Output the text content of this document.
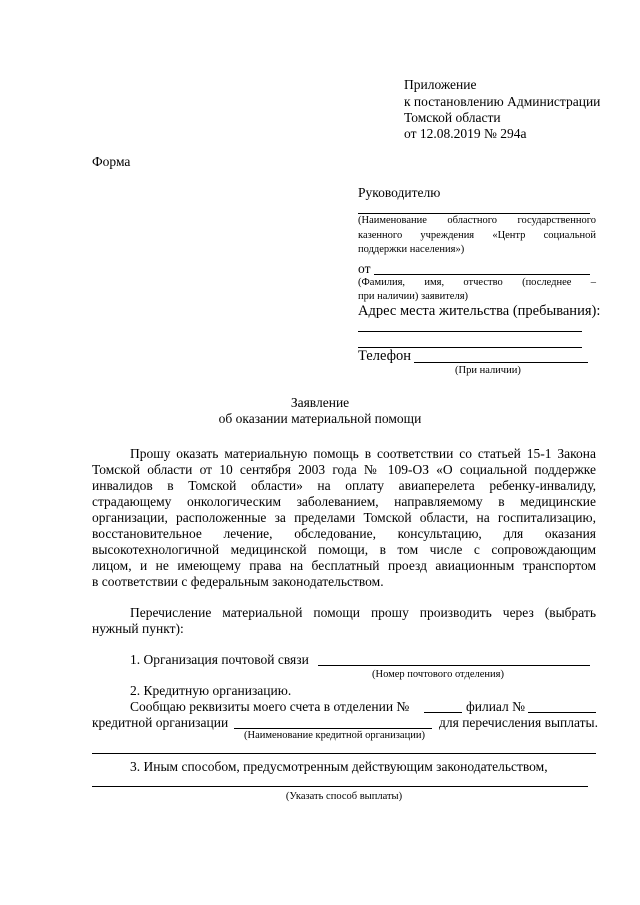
Приложение
к постановлению Администрации
Томской области
от 12.08.2019 № 294а
Форма
Руководителю
(Наименование областного государственного
казенного учреждения «Центр социальной
поддержки населения»)
от
(Фамилия, имя, отчество (последнее –
при наличии) заявителя)
Адрес места жительства (пребывания):
Телефон
(При наличии)
Заявление
об оказании материальной помощи
Прошу оказать материальную помощь в соответствии со статьей 15-1 Закона
Томской области от 10 сентября 2003 года № 109-ОЗ «О социальной поддержке
инвалидов в Томской области» на оплату авиаперелета ребенку-инвалиду,
страдающему онкологическим заболеванием, направляемому в медицинские
организации, расположенные за пределами Томской области, на госпитализацию,
восстановительное лечение, обследование, консультацию, для оказания
высокотехнологичной медицинской помощи, в том числе с сопровождающим
лицом, и не имеющему права на бесплатный проезд авиационным транспортом
в соответствии с федеральным законодательством.
Перечисление материальной помощи прошу производить через (выбрать
нужный пункт):
1. Организация почтовой связи
(Номер почтового отделения)
2. Кредитную организацию.
Сообщаю реквизиты моего счета в отделении №	филиал №
кредитной организации	для перечисления выплаты.
(Наименование кредитной организации)
3. Иным способом, предусмотренным действующим законодательством,
(Указать способ выплаты)
